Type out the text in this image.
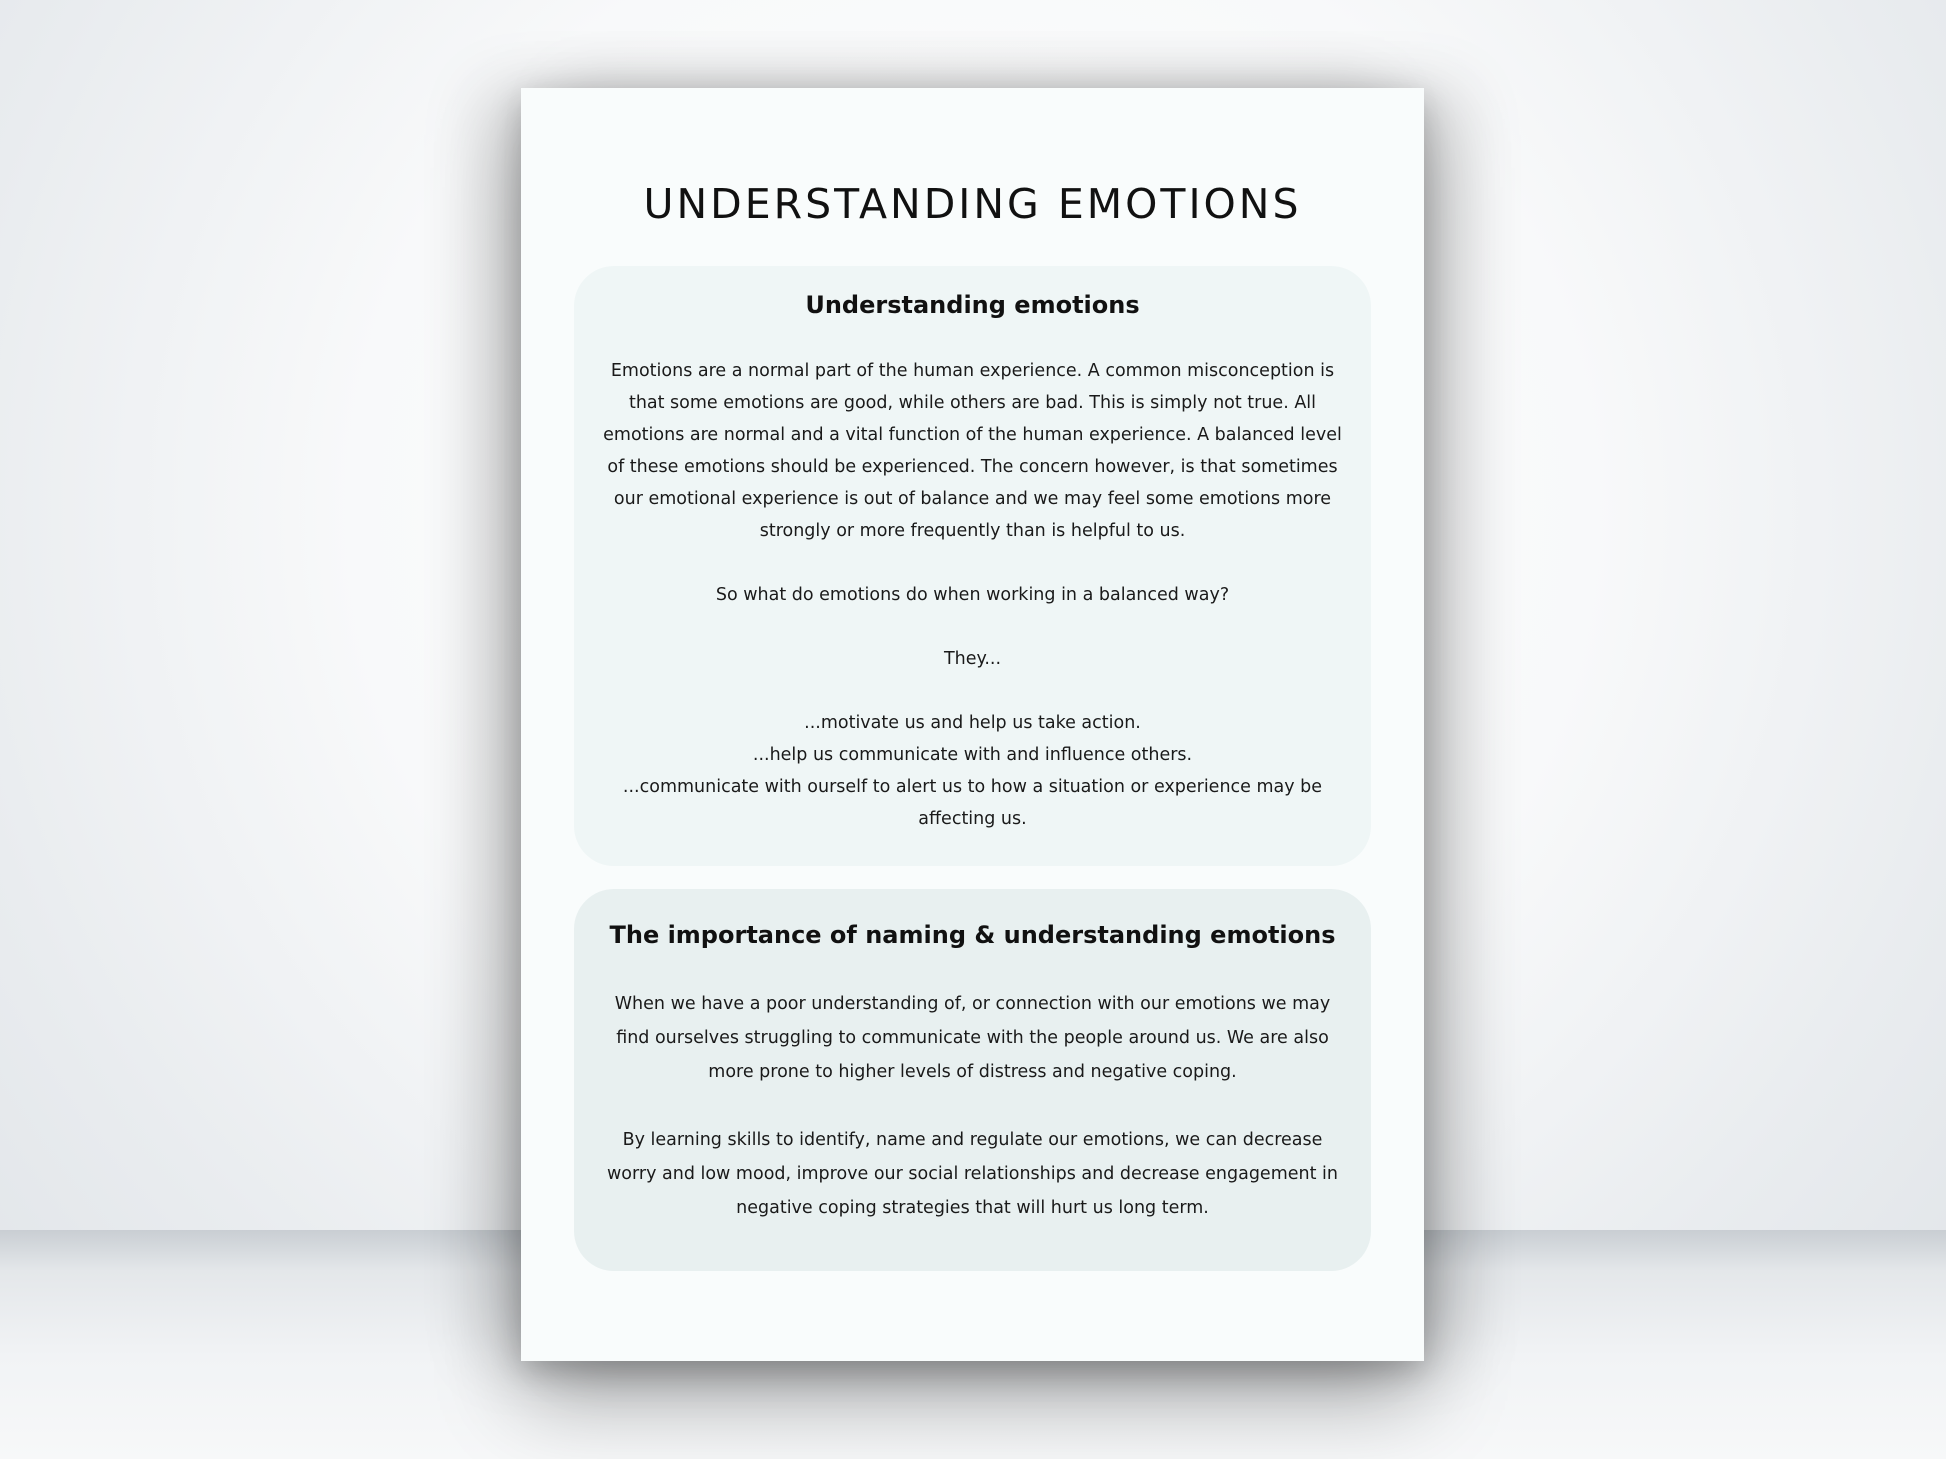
UNDERSTANDING EMOTIONS
Understanding emotions

Emotions are a normal part of the human experience. A common misconception is that some emotions are good, while others are bad. This is simply not true. All emotions are normal and a vital function of the human experience. A balanced level of these emotions should be experienced. The concern however, is that sometimes our emotional experience is out of balance and we may feel some emotions more strongly or more frequently than is helpful to us.

So what do emotions do when working in a balanced way?

They...

...motivate us and help us take action.

...help us communicate with and influence others.

...communicate with ourself to alert us to how a situation or experience may be affecting us.

The importance of naming & understanding emotions

When we have a poor understanding of, or connection with our emotions we may find ourselves struggling to communicate with the people around us. We are also more prone to higher levels of distress and negative coping.

By learning skills to identify, name and regulate our emotions, we can decrease worry and low mood, improve our social relationships and decrease engagement in negative coping strategies that will hurt us long term.
